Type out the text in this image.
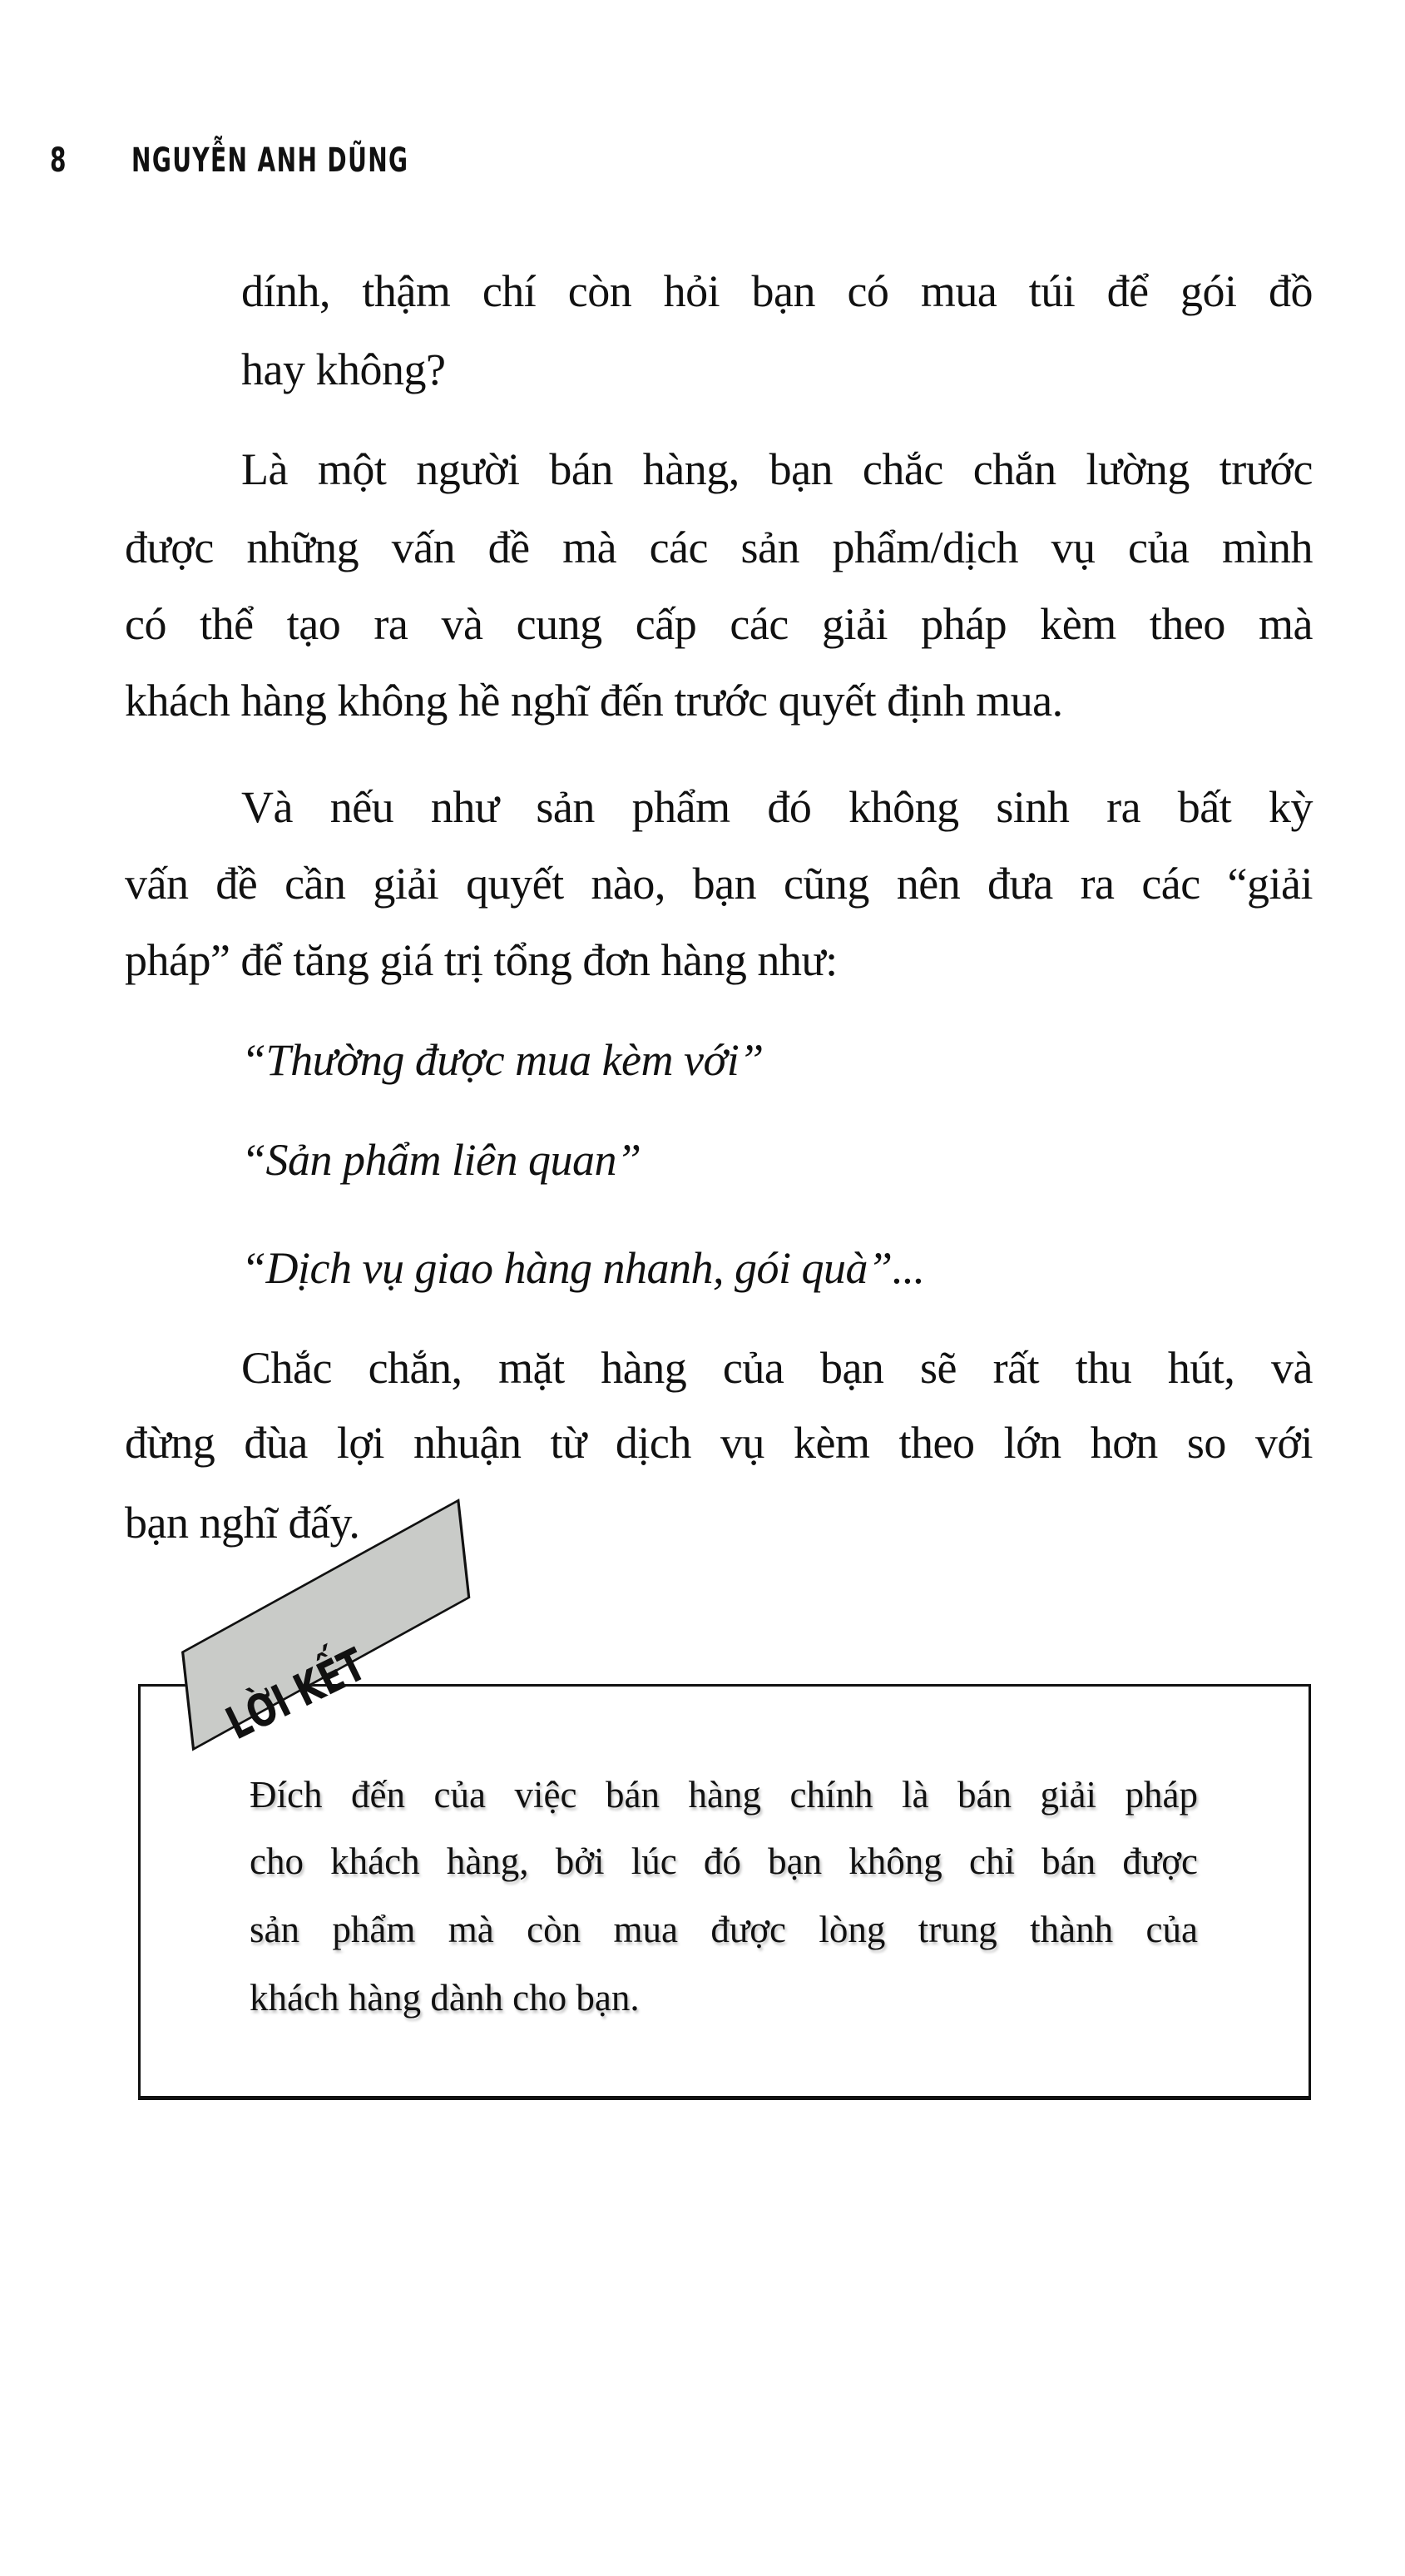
8 NGUYỄN ANH DŨNG
dính, thậm chí còn hỏi bạn có mua túi để gói đồ
hay không?
Là một người bán hàng, bạn chắc chắn lường trước
được những vấn đề mà các sản phẩm/dịch vụ của mình
có thể tạo ra và cung cấp các giải pháp kèm theo mà
khách hàng không hề nghĩ đến trước quyết định mua.
Và nếu như sản phẩm đó không sinh ra bất kỳ
vấn đề cần giải quyết nào, bạn cũng nên đưa ra các “giải
pháp” để tăng giá trị tổng đơn hàng như:
“Thường được mua kèm với”
“Sản phẩm liên quan”
“Dịch vụ giao hàng nhanh, gói quà”...
Chắc chắn, mặt hàng của bạn sẽ rất thu hút, và
đừng đùa lợi nhuận từ dịch vụ kèm theo lớn hơn so với
bạn nghĩ đấy.
LỜI KẾT
Đích đến của việc bán hàng chính là bán giải pháp
cho khách hàng, bởi lúc đó bạn không chỉ bán được
sản phẩm mà còn mua được lòng trung thành của
khách hàng dành cho bạn.
